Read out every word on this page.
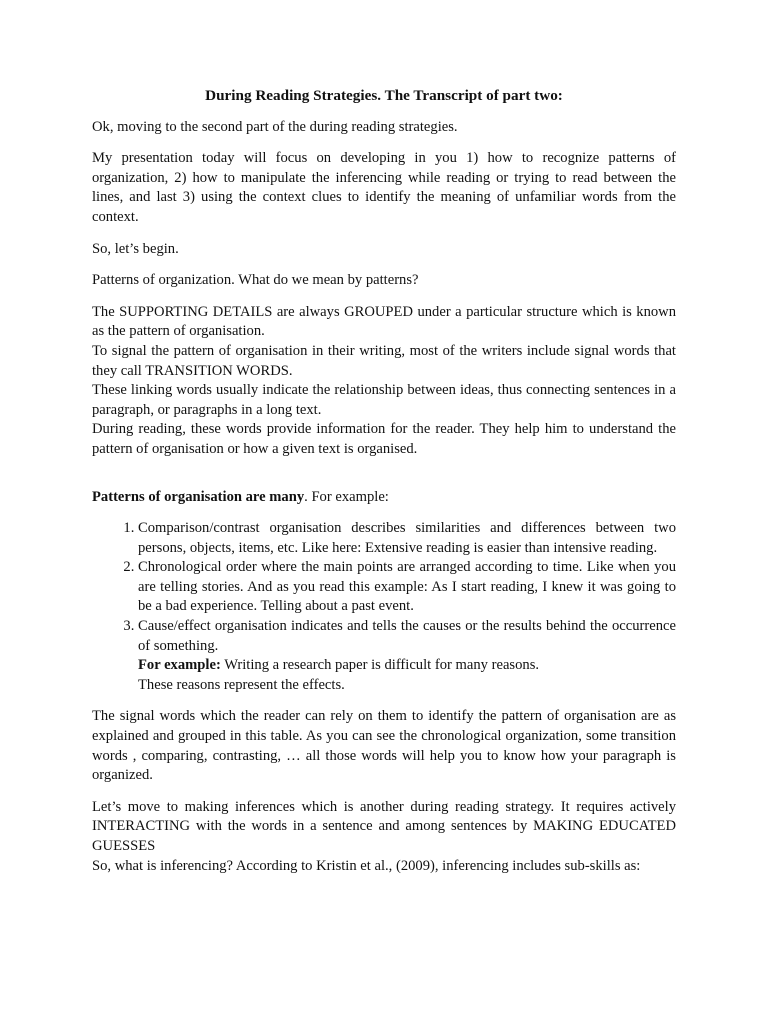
During Reading Strategies. The Transcript of part two:

Ok, moving to the second part of the during reading strategies.

My presentation today will focus on developing in you 1) how to recognize patterns of organization, 2) how to manipulate the inferencing while reading or trying to read between the lines, and last 3) using the context clues to identify the meaning of unfamiliar words from the context.

So, let’s begin.

Patterns of organization. What do we mean by patterns?

The SUPPORTING DETAILS are always GROUPED under a particular structure which is known as the pattern of organisation.

To signal the pattern of organisation in their writing, most of the writers include signal words that they call TRANSITION WORDS.

These linking words usually indicate the relationship between ideas, thus connecting sentences in a paragraph, or paragraphs in a long text.

During reading, these words provide information for the reader. They help him to understand the pattern of organisation or how a given text is organised.

Patterns of organisation are many. For example:

1. Comparison/contrast organisation describes similarities and differences between two persons, objects, items, etc. Like here: Extensive reading is easier than intensive reading.
2. Chronological order where the main points are arranged according to time. Like when you are telling stories. And as you read this example: As I start reading, I knew it was going to be a bad experience. Telling about a past event.
3. Cause/effect organisation indicates and tells the causes or the results behind the occurrence of something.
For example: Writing a research paper is difficult for many reasons.
These reasons represent the effects.

The signal words which the reader can rely on them to identify the pattern of organisation are as explained and grouped in this table. As you can see the chronological organization, some transition words , comparing, contrasting, … all those words will help you to know how your paragraph is organized.

Let’s move to making inferences which is another during reading strategy. It requires actively INTERACTING with the words in a sentence and among sentences by MAKING EDUCATED GUESSES

So, what is inferencing? According to Kristin et al., (2009), inferencing includes sub-skills as:
